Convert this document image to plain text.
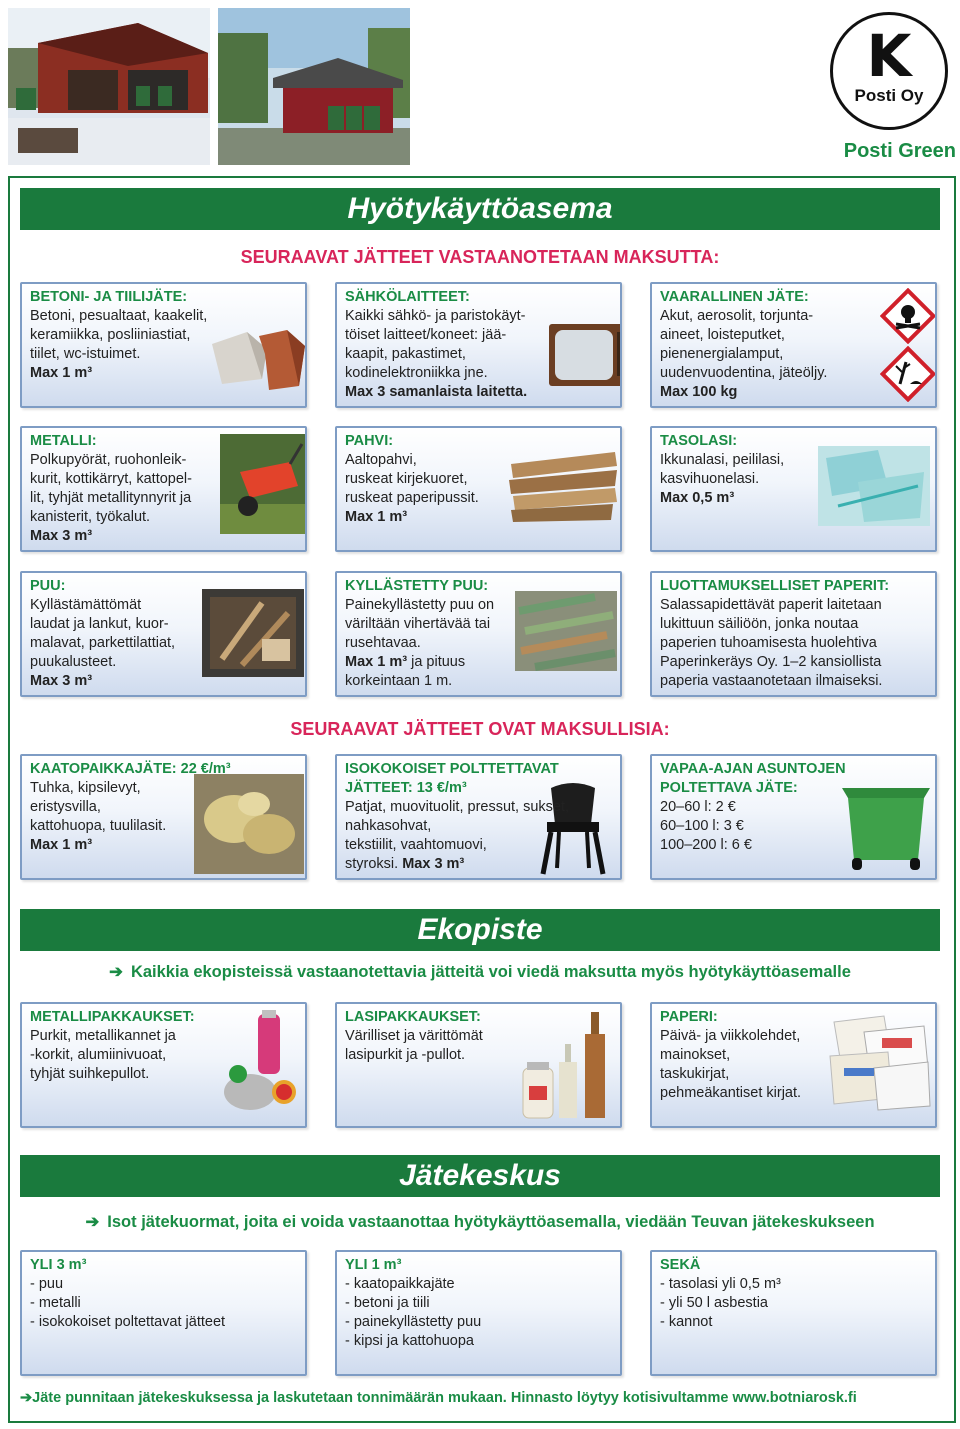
K
Posti Oy
Posti Green
Hyötykäyttöasema
SEURAAVAT JÄTTEET VASTAANOTETAAN MAKSUTTA:
BETONI- JA TIILIJÄTE:
Betoni, pesualtaat, kaakelit,
keramiikka, posliiniastiat,
tiilet, wc-istuimet.
Max 1 m³
SÄHKÖLAITTEET:
Kaikki sähkö- ja paristokäyt-
töiset laitteet/koneet: jää-
kaapit, pakastimet,
kodinelektroniikka jne.
Max 3 samanlaista laitetta.
VAARALLINEN JÄTE:
Akut, aerosolit, torjunta-
aineet, loisteputket,
pienenergialamput,
uudenvuodentina, jäteöljy.
Max 100 kg
METALLI:
Polkupyörät, ruohonleik-
kurit, kottikärryt, kattopel-
lit, tyhjät metallitynnyrit ja
kanisterit, työkalut.
Max 3 m³
PAHVI:
Aaltopahvi,
ruskeat kirjekuoret,
ruskeat paperipussit.
Max 1 m³
TASOLASI:
Ikkunalasi, peililasi,
kasvihuonelasi.
Max 0,5 m³
PUU:
Kyllästämättömät
laudat ja lankut, kuor-
malavat, parkettilattiat,
puukalusteet.
Max 3 m³
KYLLÄSTETTY PUU:
Painekyllästetty puu on
väriltään vihertävää tai
rusehtavaa.
Max 1 m³ ja pituus
korkeintaan 1 m.
LUOTTAMUKSELLISET PAPERIT:
Salassapidettävät paperit laitetaan
lukittuun säiliöön, jonka noutaa
paperien tuhoamisesta huolehtiva
Paperinkeräys Oy. 1–2 kansiollista
paperia vastaanotetaan ilmaiseksi.
SEURAAVAT JÄTTEET OVAT MAKSULLISIA:
KAATOPAIKKAJÄTE: 22 €/m³
Tuhka, kipsilevyt,
eristysvilla,
kattohuopa, tuulilasit.
Max 1 m³
ISOKOKOISET POLTTETTAVAT
JÄTTEET: 13 €/m³
Patjat, muovituolit, pressut, sukset,
nahkasohvat,
tekstiilit, vaahtomuovi,
styroksi. Max 3 m³
VAPAA-AJAN ASUNTOJEN
POLTETTAVA JÄTE:
20–60 l: 2 €
60–100 l: 3 €
100–200 l: 6 €
Ekopiste
➔ Kaikkia ekopisteissä vastaanotettavia jätteitä voi viedä maksutta myös hyötykäyttöasemalle
METALLIPAKKAUKSET:
Purkit, metallikannet ja
-korkit, alumiinivuoat,
tyhjät suihkepullot.
LASIPAKKAUKSET:
Värilliset ja värittömät
lasipurkit ja -pullot.
PAPERI:
Päivä- ja viikkolehdet,
mainokset,
taskukirjat,
pehmeäkantiset kirjat.
Jätekeskus
➔ Isot jätekuormat, joita ei voida vastaanottaa hyötykäyttöasemalla, viedään Teuvan jätekeskukseen
YLI 3 m³
- puu
- metalli
- isokokoiset poltettavat jätteet
YLI 1 m³
- kaatopaikkajäte
- betoni ja tiili
- painekyllästetty puu
- kipsi ja kattohuopa
SEKÄ
- tasolasi yli 0,5 m³
- yli 50 l asbestia
- kannot
➔Jäte punnitaan jätekeskuksessa ja laskutetaan tonnimäärän mukaan. Hinnasto löytyy kotisivultamme www.botniarosk.fi
